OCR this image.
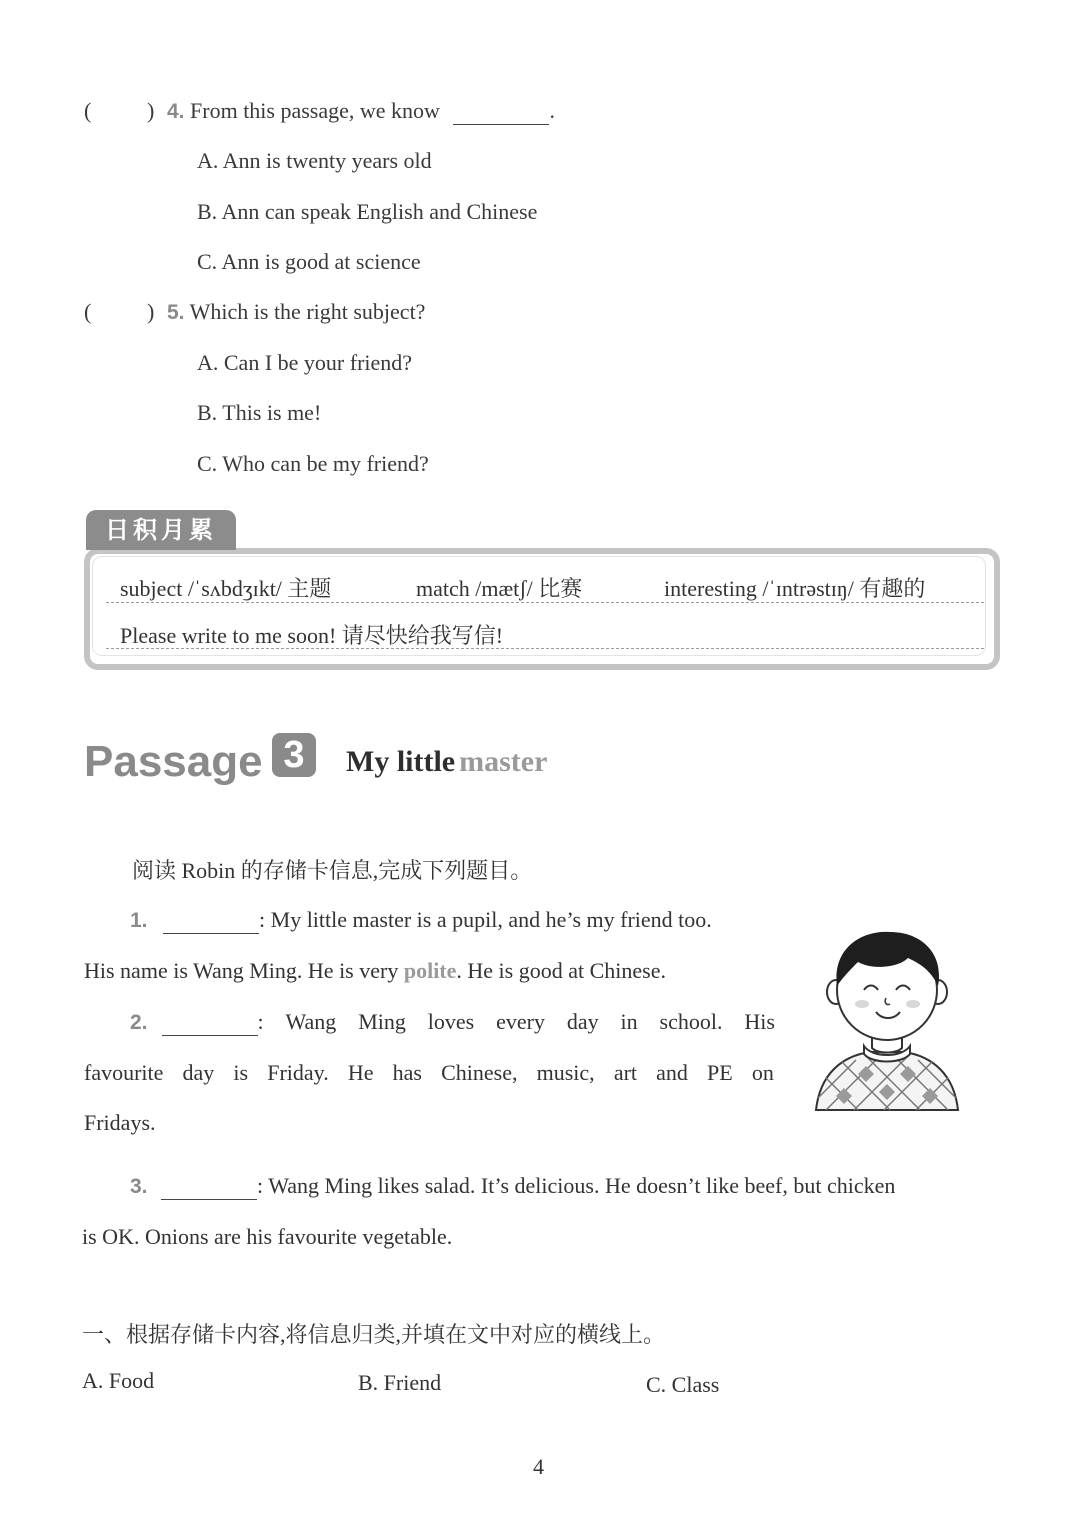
(	) 4. From this passage, we know	.
A. Ann is twenty years old
B. Ann can speak English and Chinese
C. Ann is good at science
(	) 5. Which is the right subject?
A. Can I be your friend?
B. This is me!
C. Who can be my friend?
日积月累
subject /ˈsʌbdʒɪkt/ 主题	match /mætʃ/ 比赛	interesting /ˈɪntrəstɪŋ/ 有趣的
Please write to me soon! 请尽快给我写信!
Passage 3	My little master
阅读 Robin 的存储卡信息,完成下列题目。
1.	: My little master is a pupil, and he’s my friend too.
His name is Wang Ming. He is very polite. He is good at Chinese.
2.
	: Wang Ming loves every day in school. His
favourite day is Friday. He has Chinese, music, art and PE on
Fridays.
3.	: Wang Ming likes salad. It’s delicious. He doesn’t like beef, but chicken
is OK. Onions are his favourite vegetable.
一、根据存储卡内容,将信息归类,并填在文中对应的横线上。
A. Food	B. Friend	C. Class
4
